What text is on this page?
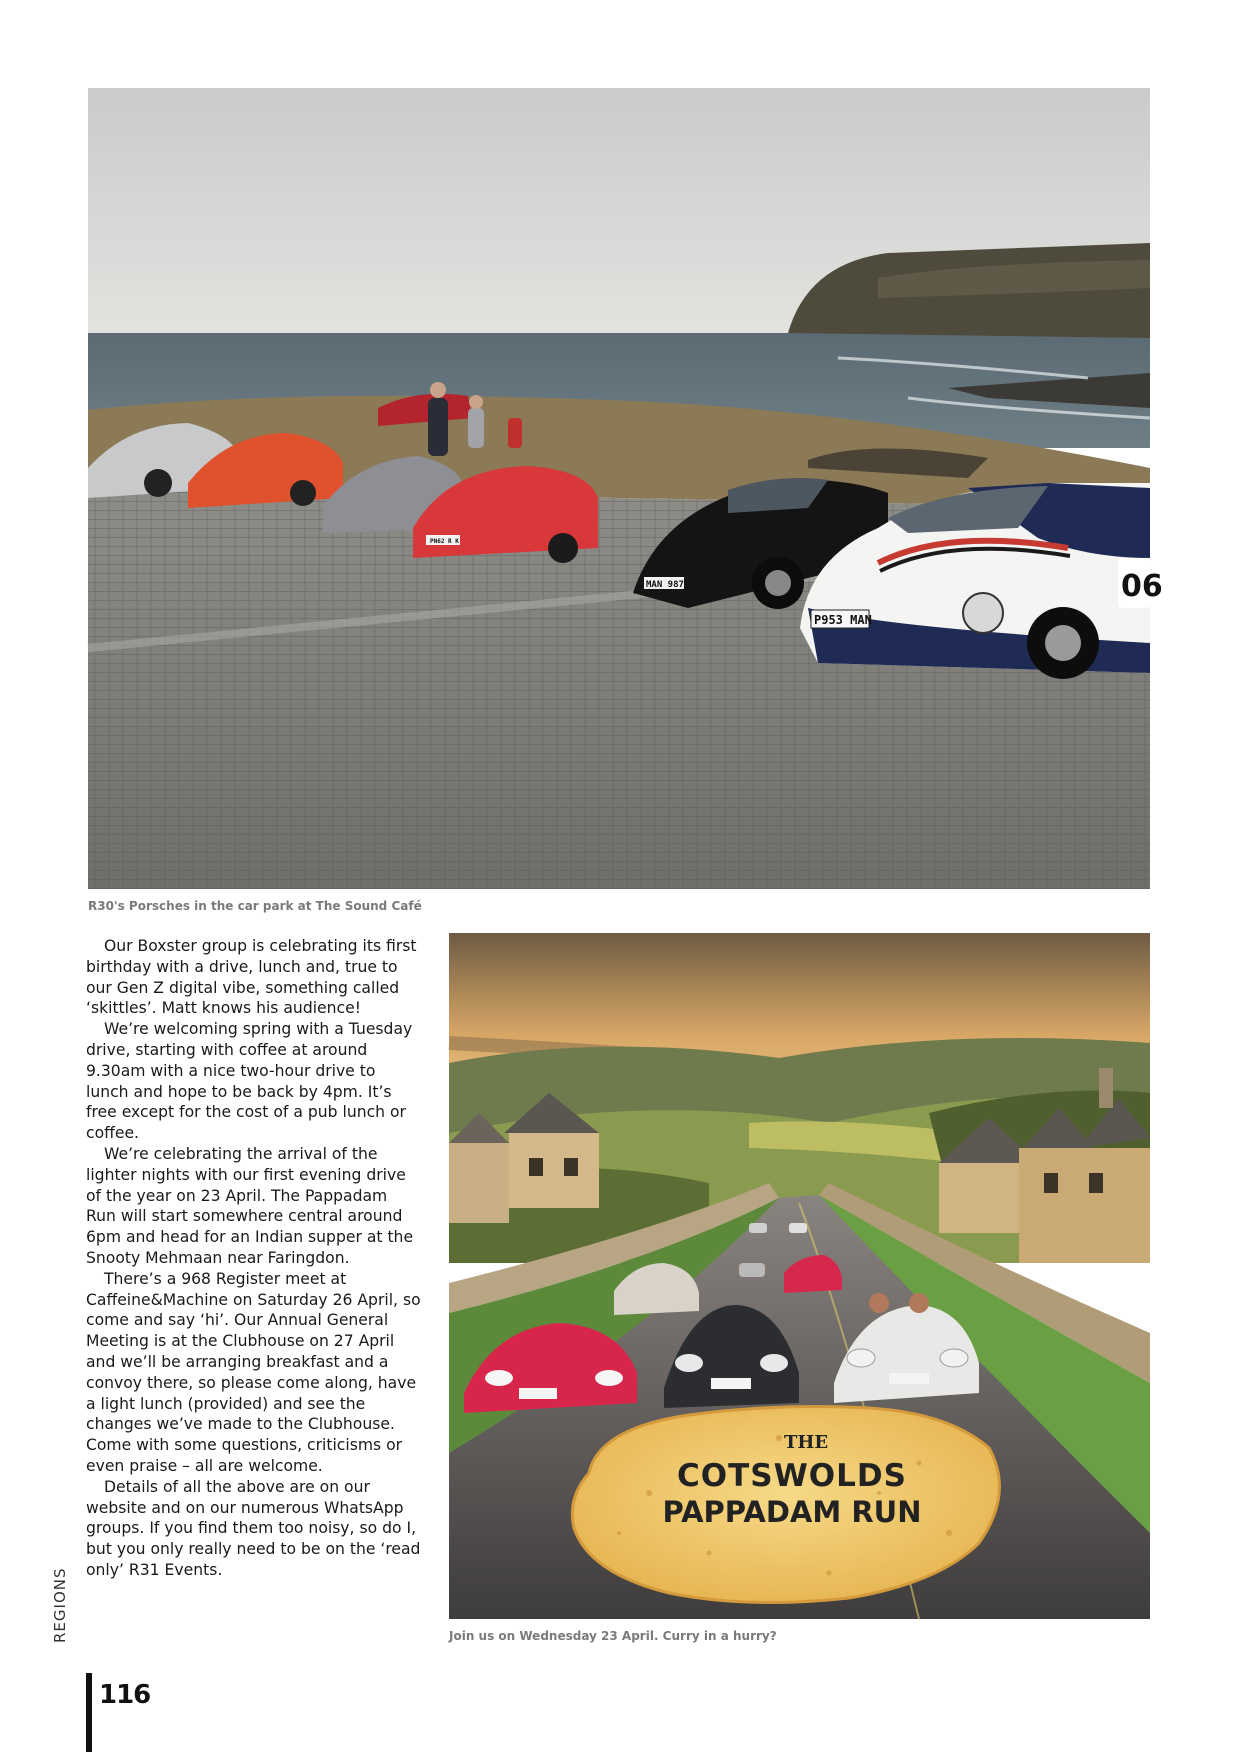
MAN 987 E	06
P953 MAN
PN62 R K
R30's Porsches in the car park at The Sound Café

Our Boxster group is celebrating its first birthday with a drive, lunch and, true to our Gen Z digital vibe, something called ‘skittles’. Matt knows his audience!

We’re welcoming spring with a Tuesday drive, starting with coffee at around 9.30am with a nice two-hour drive to lunch and hope to be back by 4pm. It’s free except for the cost of a pub lunch or coffee.

We’re celebrating the arrival of the lighter nights with our first evening drive of the year on 23 April. The Pappadam Run will start somewhere central around 6pm and head for an Indian supper at the Snooty Mehmaan near Faringdon.

There’s a 968 Register meet at Caffeine&Machine on Saturday 26 April, so come and say ‘hi’. Our Annual General Meeting is at the Clubhouse on 27 April and we’ll be arranging breakfast and a convoy there, so please come along, have a light lunch (provided) and see the changes we’ve made to the Clubhouse. Come with some questions, criticisms or even praise – all are welcome.

Details of all the above are on our website and on our numerous WhatsApp groups. If you find them too noisy, so do I, but you only really need to be on the ‘read only’ R31 Events.

THE
COTSWOLDS
PAPPADAM RUN
Join us on Wednesday 23 April. Curry in a hurry?
REGIONS
116
